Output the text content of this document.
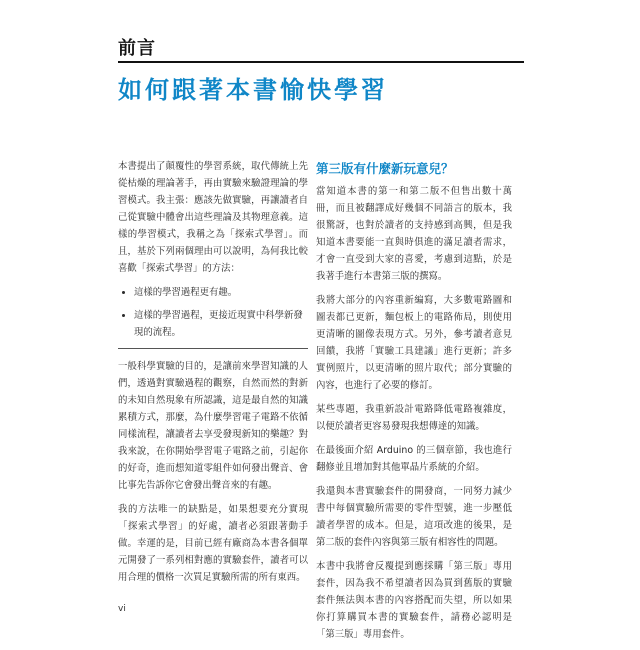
前言
如何跟著本書愉快學習

本書提出了顛覆性的學習系統，取代傳統上先從枯燥的理論著手，再由實驗來驗證理論的學習模式。我主張：應該先做實驗，再讓讀者自己從實驗中體會出這些理論及其物理意義。這樣的學習模式，我稱之為「探索式學習」。而且，基於下列兩個理由可以說明，為何我比較喜歡「探索式學習」的方法：

• 這樣的學習過程更有趣。
• 這樣的學習過程，更接近現實中科學新發現的流程。

一般科學實驗的目的，是讓前來學習知識的人們，透過對實驗過程的觀察，自然而然的對新的未知自然現象有所認識，這是最自然的知識累積方式，那麼，為什麼學習電子電路不依循同樣流程，讓讀者去享受發現新知的樂趣？對我來說，在你開始學習電子電路之前，引起你的好奇，進而想知道零組件如何發出聲音、會比事先告訴你它會發出聲音來的有趣。

我的方法唯一的缺點是，如果想要充分實現「探索式學習」的好處，讀者必須跟著動手做。幸運的是，目前已經有廠商為本書各個單元開發了一系列相對應的實驗套件，讀者可以用合理的價格一次買足實驗所需的所有東西。

第三版有什麼新玩意兒？

當知道本書的第一和第二版不但售出數十萬冊，而且被翻譯成好幾個不同語言的版本，我很驚訝，也對於讀者的支持感到高興，但是我知道本書要能一直與時俱進的滿足讀者需求，才會一直受到大家的喜愛，考慮到這點，於是我著手進行本書第三版的撰寫。

我將大部分的內容重新編寫，大多數電路圖和圖表都已更新，麵包板上的電路佈局，則使用更清晰的圖像表現方式。另外，參考讀者意見回饋，我將「實驗工具建議」進行更新；許多實例照片，以更清晰的照片取代；部分實驗的內容，也進行了必要的修訂。

某些專題，我重新設計電路降低電路複雜度，以便於讀者更容易發現我想傳達的知識。

在最後面介紹 Arduino 的三個章節，我也進行翻修並且增加對其他單晶片系統的介紹。

我還與本書實驗套件的開發商，一同努力減少書中每個實驗所需要的零件型號，進一步壓低讀者學習的成本。但是，這項改進的後果，是第二版的套件內容與第三版有相容性的問題。

本書中我將會反覆提到應採購「第三版」專用套件，因為我不希望讀者因為買到舊版的實驗套件無法與本書的內容搭配而失望，所以如果你打算購買本書的實驗套件，請務必認明是「第三版」專用套件。

vi
